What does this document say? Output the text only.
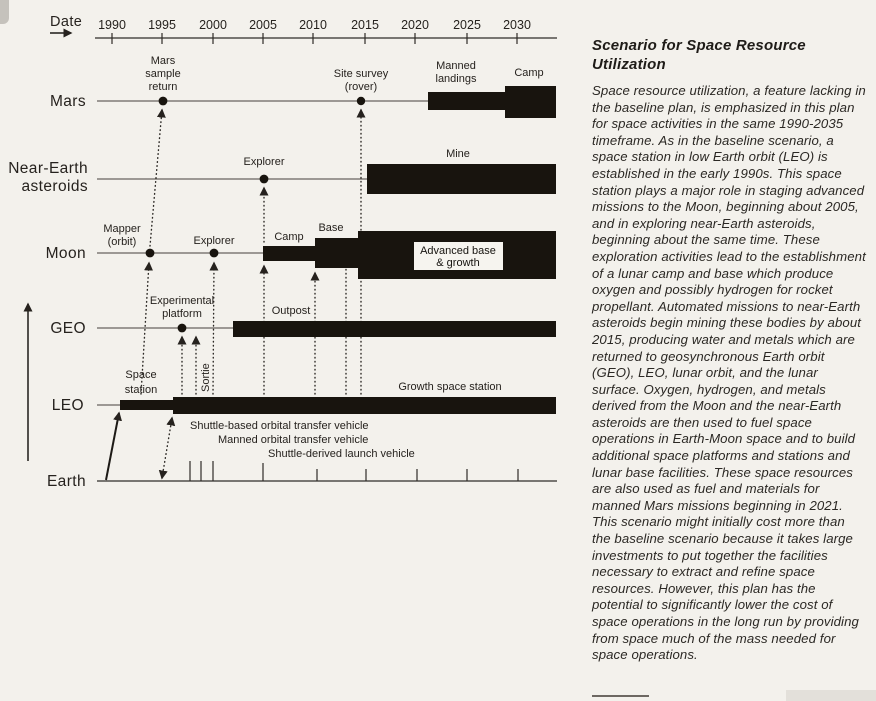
Date 1990 1995 2000 2005 2010 2015 2020 2025 2030
Mars
Near-Earth
asteroids
Moon
GEO
LEO
Earth
Mars
sample
return
Site survey
(rover)
Manned
landings	Camp
Mine
Explorer
Mapper
(orbit)	Explorer	Camp
Base
Experimental
platform	Outpost
Sortie
Space
station	Growth space station
Advanced base
& growth
Shuttle-based orbital transfer vehicle
Manned orbital transfer vehicle
Shuttle-derived launch vehicle
Scenario for Space Resource Utilization

Space resource utilization, a feature lacking in the baseline plan, is emphasized in this plan for space activities in the same 1990-2035 timeframe. As in the baseline scenario, a space station in low Earth orbit (LEO) is established in the early 1990s. This space station plays a major role in staging advanced missions to the Moon, beginning about 2005, and in exploring near-Earth asteroids, beginning about the same time. These exploration activities lead to the establishment of a lunar camp and base which produce oxygen and possibly hydrogen for rocket propellant. Automated missions to near-Earth asteroids begin mining these bodies by about 2015, producing water and metals which are returned to geosynchronous Earth orbit (GEO), LEO, lunar orbit, and the lunar surface. Oxygen, hydrogen, and metals derived from the Moon and the near-Earth asteroids are then used to fuel space operations in Earth-Moon space and to build additional space platforms and stations and lunar base facilities. These space resources are also used as fuel and materials for manned Mars missions beginning in 2021. This scenario might initially cost more than the baseline scenario because it takes large investments to put together the facilities necessary to extract and refine space resources. However, this plan has the potential to significantly lower the cost of space operations in the long run by providing from space much of the mass needed for space operations.
